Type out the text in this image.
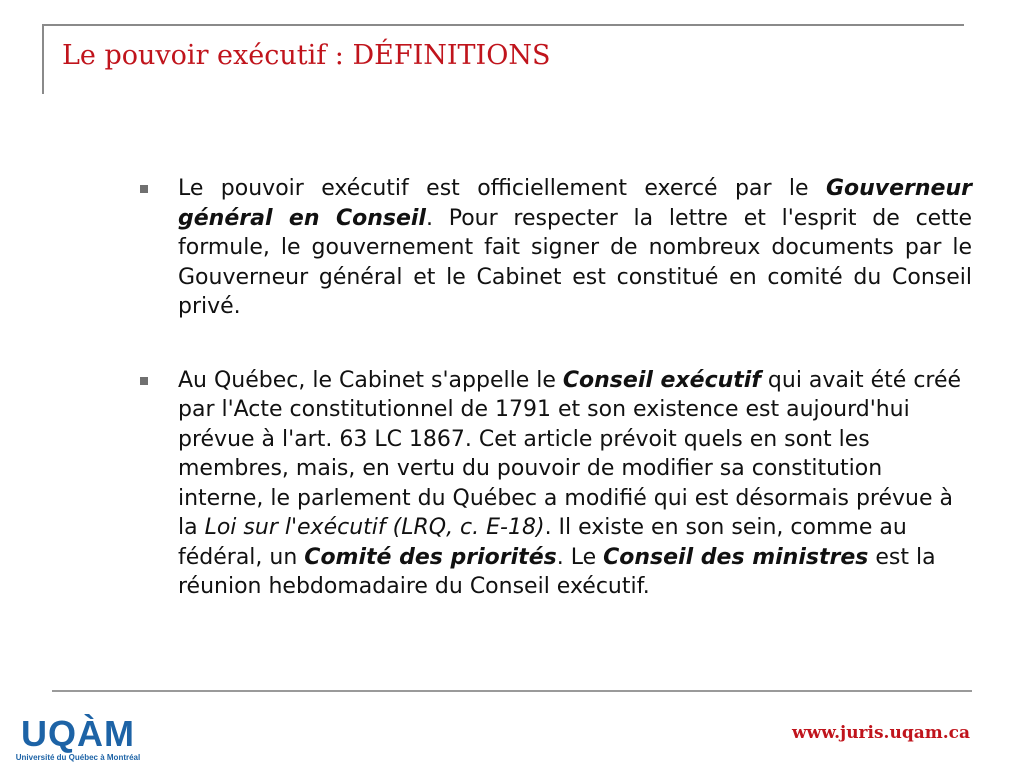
Le pouvoir exécutif : DÉFINITIONS
Le pouvoir exécutif est officiellement exercé par le Gouverneur général en Conseil. Pour respecter la lettre et l'esprit de cette formule, le gouvernement fait signer de nombreux documents par le Gouverneur général et le Cabinet est constitué en comité du Conseil privé.
Au Québec, le Cabinet s'appelle le Conseil exécutif qui avait été créé par l'Acte constitutionnel de 1791 et son existence est aujourd'hui prévue à l'art. 63 LC 1867. Cet article prévoit quels en sont les membres, mais, en vertu du pouvoir de modifier sa constitution interne, le parlement du Québec a modifié qui est désormais prévue à la Loi sur l'exécutif (LRQ, c. E-18). Il existe en son sein, comme au fédéral, un Comité des priorités. Le Conseil des ministres est la réunion hebdomadaire du Conseil exécutif.
UQÀM
Université du Québec à Montréal
www.juris.uqam.ca
